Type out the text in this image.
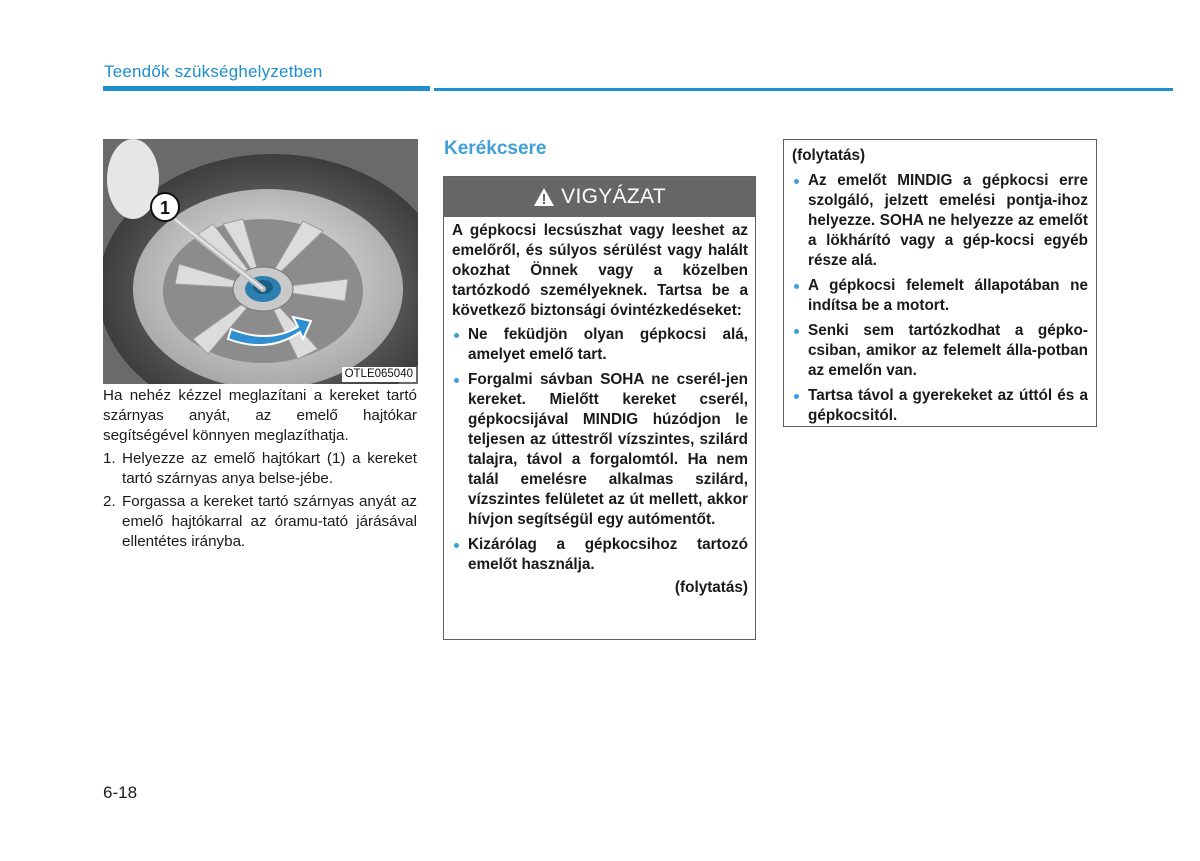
Teendők szükséghelyzetben
1
OTLE065040

Ha nehéz kézzel meglazítani a kereket tartó szárnyas anyát, az emelő hajtókar segítségével könnyen meglazíthatja.

1. Helyezze az emelő hajtókart (1) a kereket tartó szárnyas anya belse-jébe.
2. Forgassa a kereket tartó szárnyas anyát az emelő hajtókarral az óramu-tató járásával ellentétes irányba.
Kerékcsere
VIGYÁZAT

A gépkocsi lecsúszhat vagy leeshet az emelőről, és súlyos sérülést vagy halált okozhat Önnek vagy a közelben tartózkodó személyeknek. Tartsa be a következő biztonsági óvintézkedéseket:

Ne feküdjön olyan gépkocsi alá, amelyet emelő tart.
Forgalmi sávban SOHA ne cserél-jen kereket. Mielőtt kereket cserél, gépkocsijával MINDIG húzódjon le teljesen az úttestről vízszintes, szilárd talajra, távol a forgalomtól. Ha nem talál emelésre alkalmas szilárd, vízszintes felületet az út mellett, akkor hívjon segítségül egy autómentőt.
Kizárólag a gépkocsihoz tartozó emelőt használja.
(folytatás)
(folytatás)
Az emelőt MINDIG a gépkocsi erre szolgáló, jelzett emelési pontja-ihoz helyezze. SOHA ne helyezze az emelőt a lökhárító vagy a gép-kocsi egyéb része alá.
A gépkocsi felemelt állapotában ne indítsa be a motort.
Senki sem tartózkodhat a gépko-csiban, amikor az felemelt álla-potban az emelőn van.
Tartsa távol a gyerekeket az úttól és a gépkocsitól.
6-18
